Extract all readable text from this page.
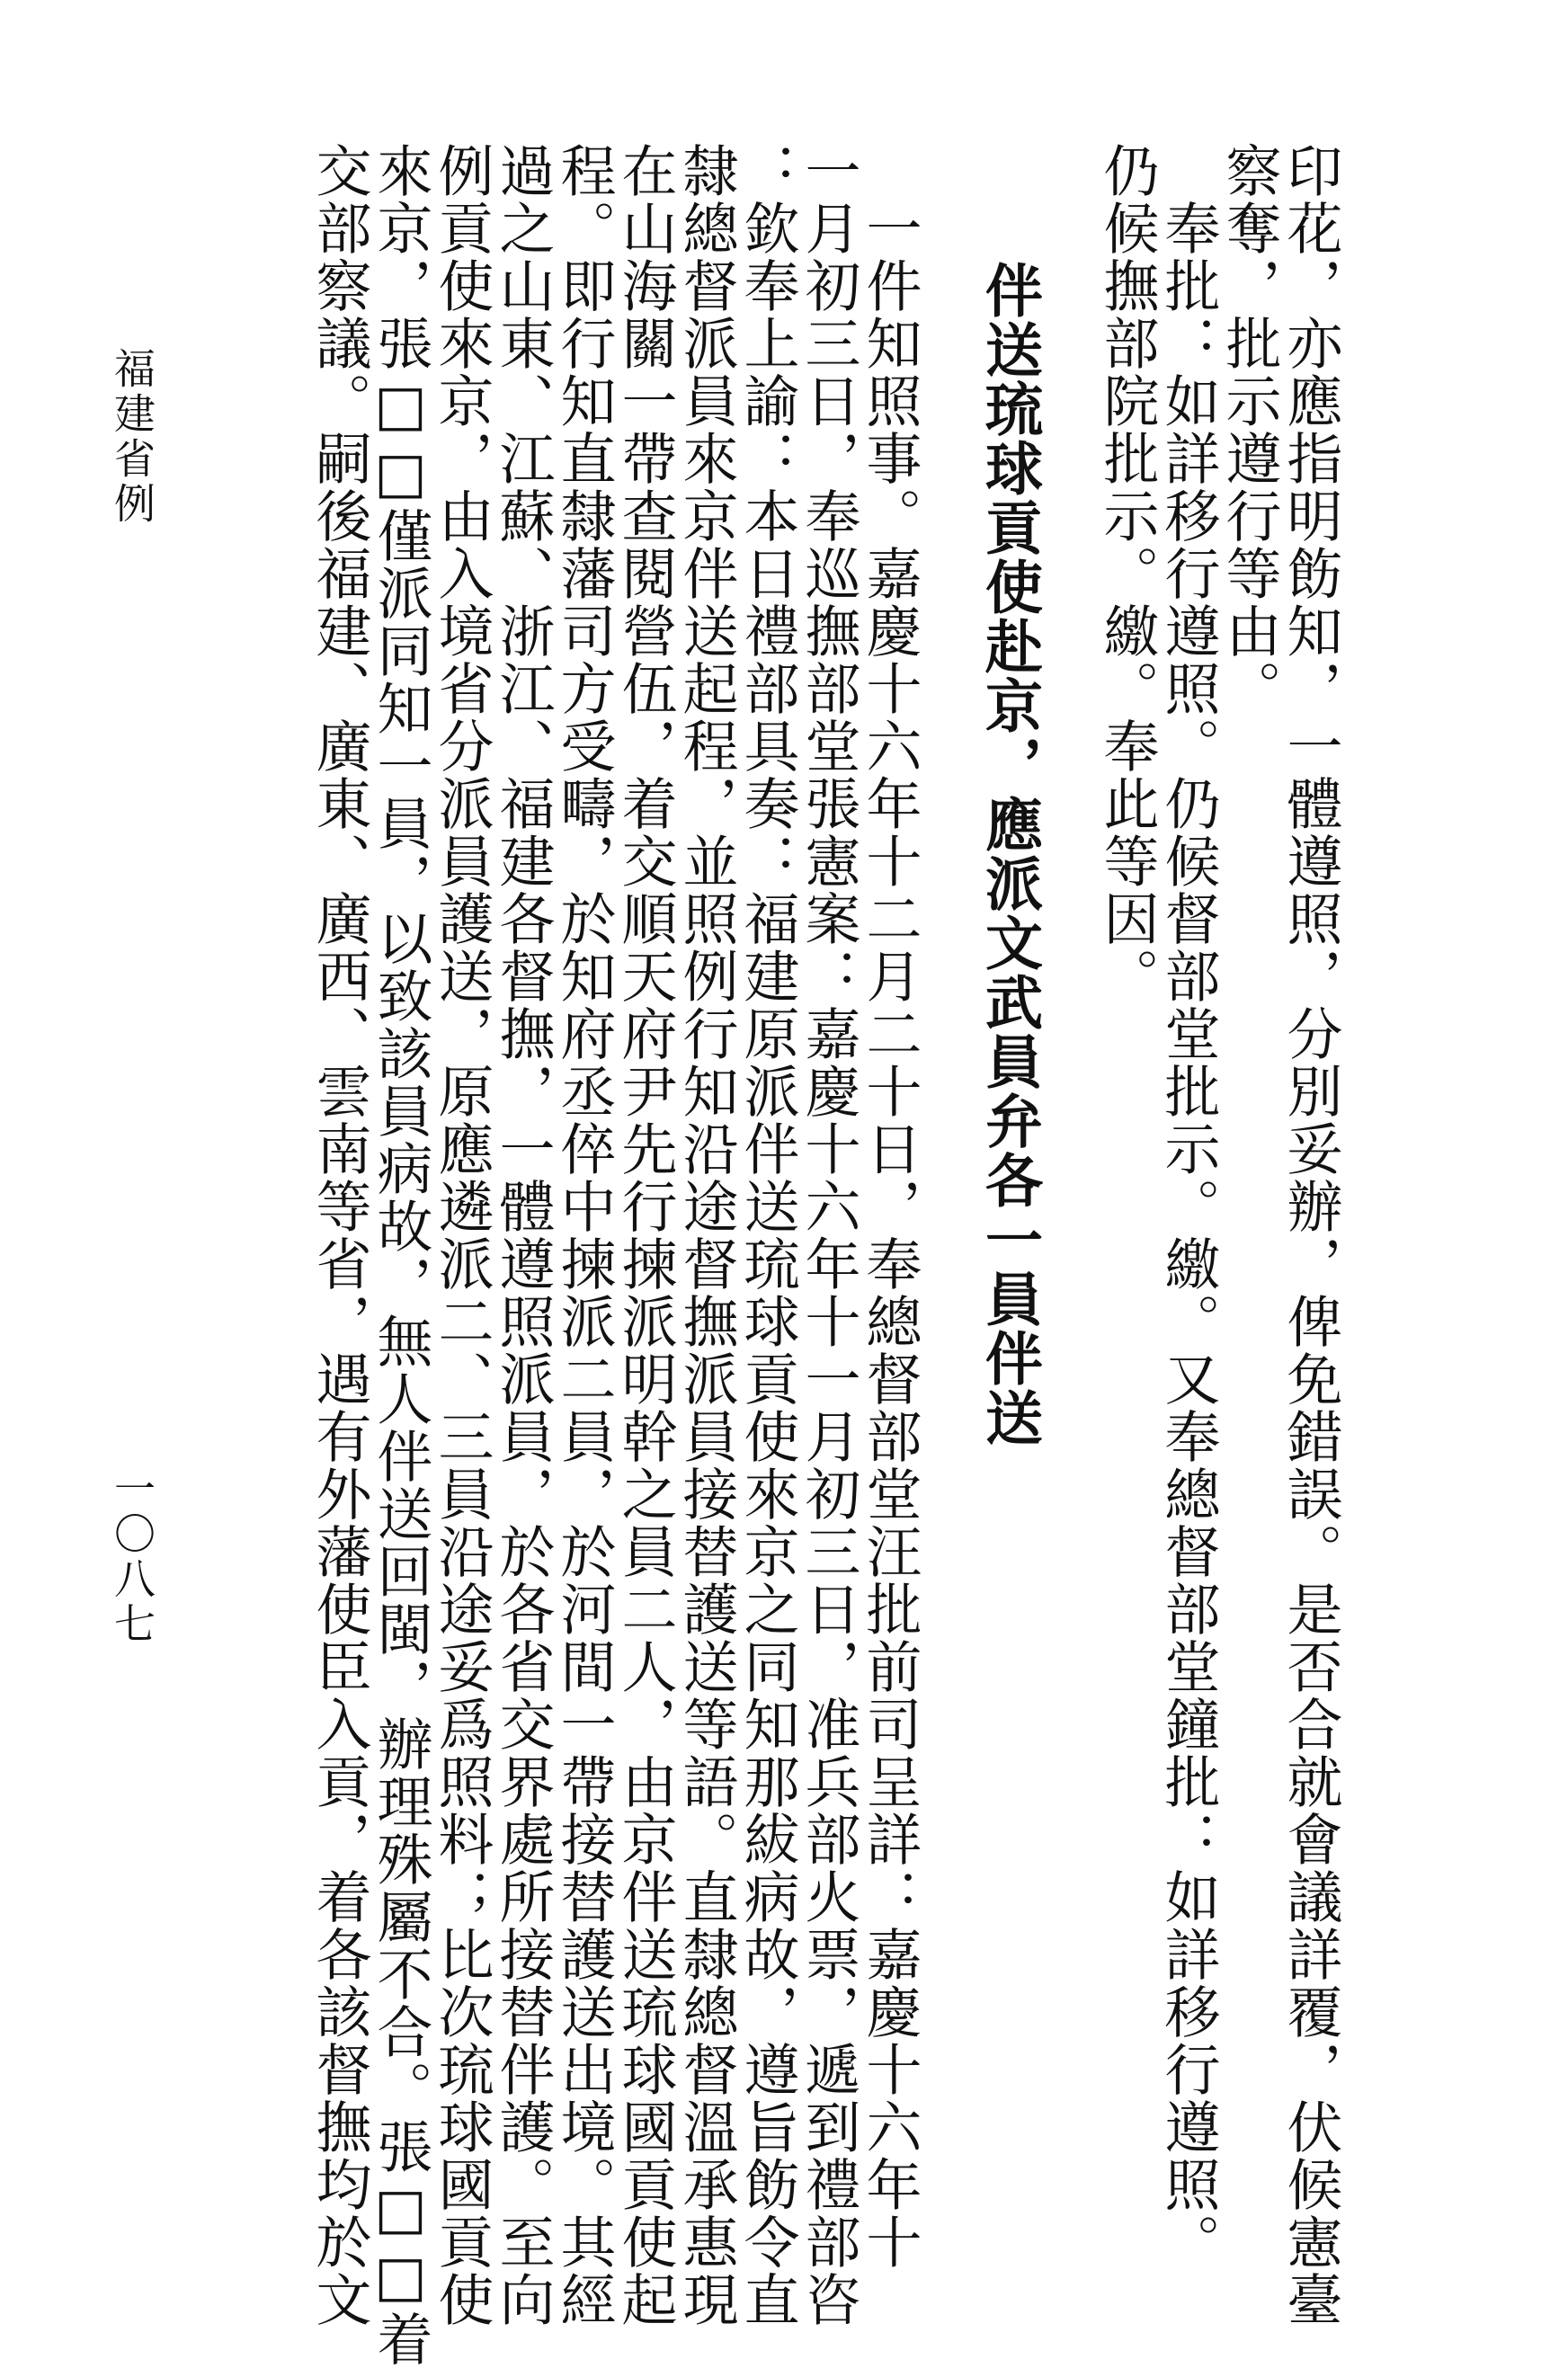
印花，亦應指明飭知，一體遵照，分別妥辦，俾免錯誤。是否合就會議詳覆，伏候憲臺
察奪，批示遵行等由。
　奉批：如詳移行遵照。仍候督部堂批示。繳。又奉總督部堂鐘批：如詳移行遵照。
仍候撫部院批示。繳。奉此等因。
　　伴送琉球貢使赴京，應派文武員弁各一員伴送
　一件知照事。嘉慶十六年十二月二十日，奉總督部堂汪批前司呈詳：嘉慶十六年十
一月初三日，奉巡撫部堂張憲案：嘉慶十六年十一月初三日，准兵部火票，遞到禮部咨
：欽奉上諭：本日禮部具奏：福建原派伴送琉球貢使來京之同知那紱病故，遵旨飭令直
隸總督派員來京伴送起程，並照例行知沿途督撫派員接替護送等語。直隸總督溫承惠現
在山海關一帶查閱營伍，着交順天府尹先行揀派明幹之員二人，由京伴送琉球國貢使起
程。即行知直隸藩司方受疇，於知府丞倅中揀派二員，於河間一帶接替護送出境。其經
過之山東、江蘇、浙江、福建各督撫，一體遵照派員，於各省交界處所接替伴護。至向
例貢使來京，由入境省分派員護送，原應遴派二、三員沿途妥爲照料；比次琉球國貢使
來京，張□□僅派同知一員，以致該員病故，無人伴送回閩，辦理殊屬不合。張□□着
交部察議。嗣後福建、廣東、廣西、雲南等省，遇有外藩使臣入貢，着各該督撫均於文
福建省例
一〇八七
